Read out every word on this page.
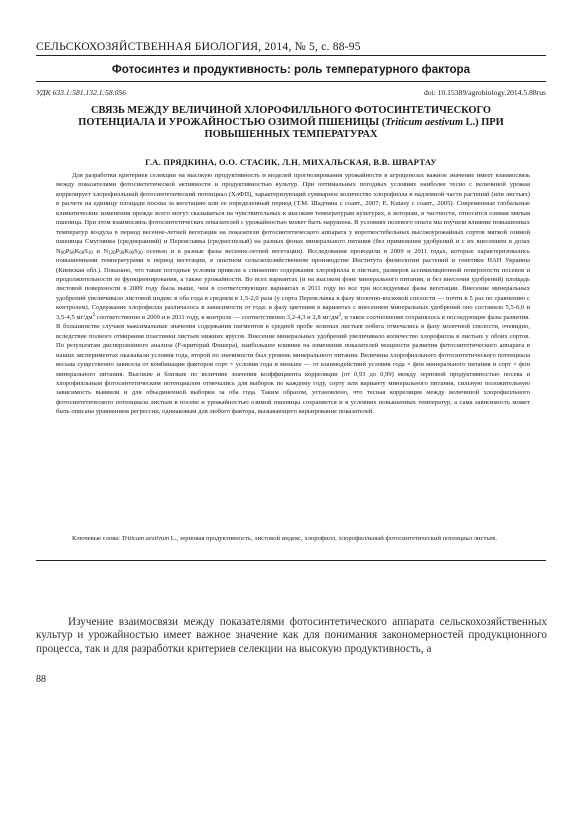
СЕЛЬСКОХОЗЯЙСТВЕННАЯ БИОЛОГИЯ, 2014, № 5, с. 88-95
Фотосинтез и продуктивность: роль температурного фактора
УДК 633.1:581.132.1:58.056	doi: 10.15389/agrobiology.2014.5.88rus
СВЯЗЬ МЕЖДУ ВЕЛИЧИНОЙ ХЛОРОФИЛЛЬНОГО ФОТОСИНТЕТИЧЕСКОГО ПОТЕНЦИАЛА И УРОЖАЙНОСТЬЮ ОЗИМОЙ ПШЕНИЦЫ (Triticum aestivum L.) ПРИ ПОВЫШЕННЫХ ТЕМПЕРАТУРАХ
Г.А. ПРЯДКИНА, О.О. СТАСИК, Л.Н. МИХАЛЬСКАЯ, В.В. ШВАРТАУ

Для разработки критериев селекции на высокую продуктивность и моделей прогнозирования урожайности в агроценозах важное значение имеет взаимосвязь между показателями фотосинтетической активности и продуктивностью культур. При оптимальных погодных условиях наиболее тесно с величиной урожая коррелирует хлорофилльный фотосинтетический потенциал (ХлФП), характеризующий суммарное количество хлорофилла в надземной части растений (или листьях) в расчете на единицу площади посева за вегетацию или ее определенный период (Т.М. Шадчина с соавт., 2007; Е. Kutasy с соавт., 2005). Современные глобальные климатические изменения прежде всего могут сказываться на чувствительных к высоким температурам культурах, к которым, в частности, относится озимая мягкая пшеница. При этом взаимосвязь фотосинтетических показателей с урожайностью может быть нарушена. В условиях полевого опыта мы изучили влияние повышенных температур воздуха в период весенне-летней вегетации на показатели фотосинтетического аппарата у короткостебельных высокоурожайных сортов мягкой озимой пшеницы Смуглянка (среднеранний) и Переяславка (среднеспелый) на разных фонах минерального питания (без применения удобрений и с их внесением в дозах $N_{90}P_{60}K_{60}S_{10}$ и $N_{120}P_{90}K_{90}S_{20}$ осенью и в разные фазы весенне-летней вегетации). Исследования проводили в 2009 и 2011 годах, которые характеризовались повышенными температурами в период вегетации, в опытном сельскохозяйственном производстве Института физиологии растений и генетики НАН Украины (Киевская обл.). Показано, что такие погодные условия привели к снижению содержания хлорофилла в листьях, размеров ассимиляционной поверхности посевов и продолжительности ее функционирования, а также урожайности. Во всех вариантах (и на высоком фоне минерального питания, и без внесения удобрений) площадь листовой поверхности в 2009 году была выше, чем в соответствующих вариантах в 2011 году во все три исследуемые фазы вегетации. Внесение минеральных удобрений увеличивало листовой индекс в оба года в среднем в 1,5-2,0 раза (у сорта Переяславка в фазу молочно-восковой спелости — почти в 5 раз по сравнению с контролем). Содержание хлорофилла различалось в зависимости от года: в фазу цветения в вариантах с внесением минеральных удобрений оно составило 5,5-6,0 и 3,5-4,5 $мг/дм^2$ соответственно в 2009 и в 2011 году, в контроле — соответственно 3,2-4,3 и 2,8 $мг/дм^2$, и такое соотношение сохранялось в последующие фазы развития. В большинстве случаев максимальные значения содержания пигментов в средней пробе зеленых листьев побега отмечались в фазу молочной спелости, очевидно, вследствие полного отмирания пластинки листьев нижних ярусов. Внесение минеральных удобрений увеличивало количество хлорофилла в листьях у обоих сортов. По результатам дисперсионного анализа (F-критерий Фишера), наибольшее влияние на изменения показателей мощности развития фотосинтетического аппарата в наших экспериментах оказывали условия года, второй по значимости был уровень минерального питания. Величина хлорофилльного фотосинтетического потенциала весьма существенно зависела от комбинации факторов сорт × условия года и меньше — от взаимодействий условия года × фон минерального питания и сорт × фон минерального питания. Высокие и близкие по величине значения коэффициента корреляции (от 0,93 до 0,99) между зерновой продуктивностью посева и хлорофилльным фотосинтетическим потенциалом отмечались для выборок по каждому году, сорту или варианту минерального питания, сильную положительную зависимость выявили и для объединенной выборки за оба года. Таким образом, установлено, что тесная корреляция между величиной хлорофилльного фотосинтетического потенциала листьев в посеве и урожайностью озимой пшеницы сохраняется и в условиях повышенных температур, а сама зависимость может быть описана уравнением регрессии, одинаковым для любого фактора, вызывающего варьирование показателей.

Ключевые слова: Triticum aestivum L., зерновая продуктивность, листовой индекс, хлорофилл, хлорофилльный фотосинтетический потенциал листьев.

Изучение взаимосвязи между показателями фотосинтетического аппарата сельскохозяйственных культур и урожайностью имеет важное значение как для понимания закономерностей продукционного процесса, так и для разработки критериев селекции на высокую продуктивность, а

88
